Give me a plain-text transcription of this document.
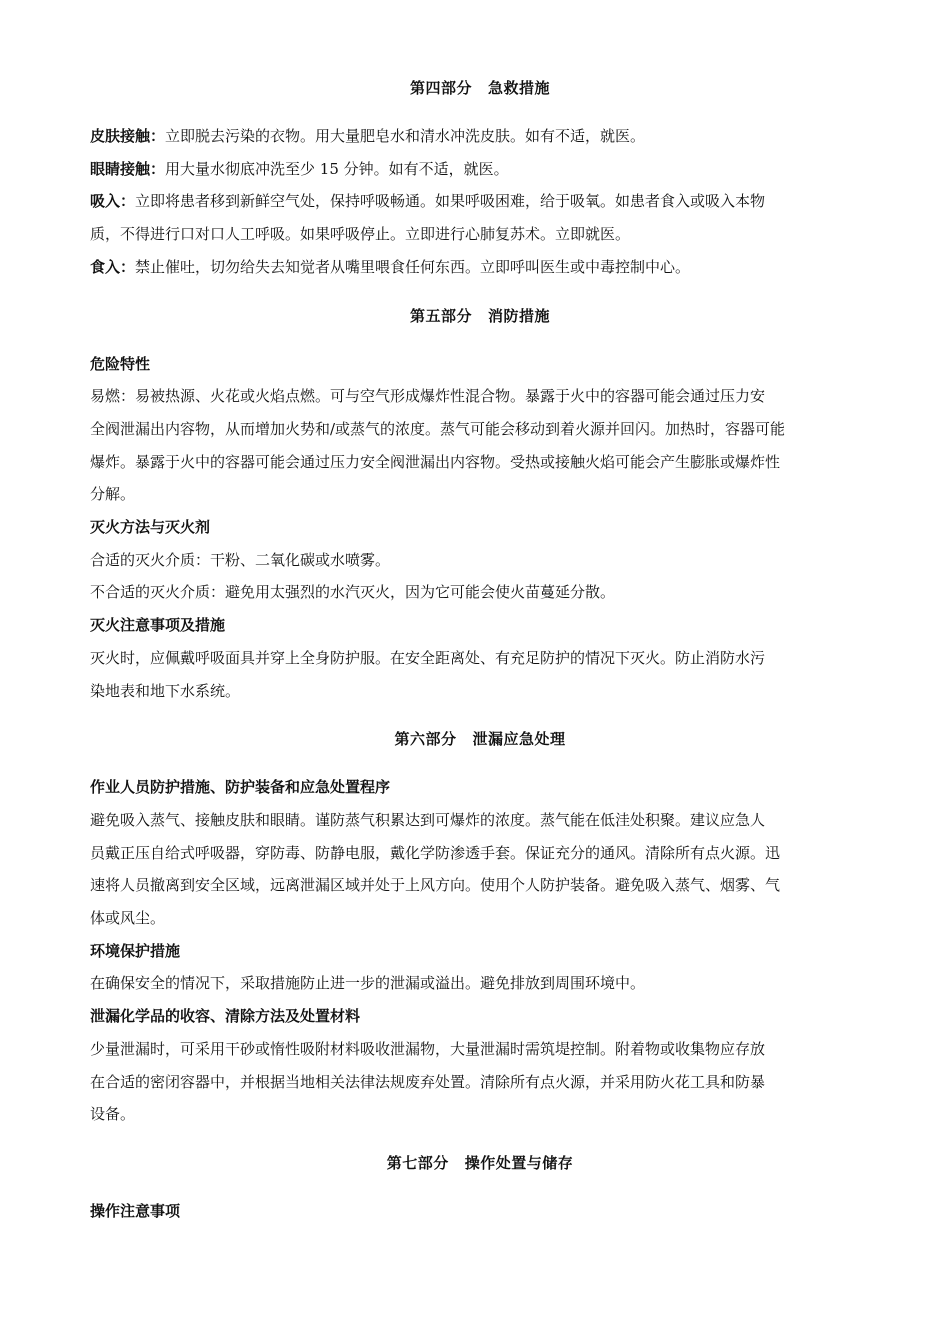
第四部分 急救措施

皮肤接触：立即脱去污染的衣物。用大量肥皂水和清水冲洗皮肤。如有不适，就医。

眼睛接触：用大量水彻底冲洗至少 15 分钟。如有不适，就医。

吸入：立即将患者移到新鲜空气处，保持呼吸畅通。如果呼吸困难，给于吸氧。如患者食入或吸入本物

质，不得进行口对口人工呼吸。如果呼吸停止。立即进行心肺复苏术。立即就医。

食入：禁止催吐，切勿给失去知觉者从嘴里喂食任何东西。立即呼叫医生或中毒控制中心。

第五部分 消防措施

危险特性

易燃：易被热源、火花或火焰点燃。可与空气形成爆炸性混合物。暴露于火中的容器可能会通过压力安

全阀泄漏出内容物，从而增加火势和/或蒸气的浓度。蒸气可能会移动到着火源并回闪。加热时，容器可能

爆炸。暴露于火中的容器可能会通过压力安全阀泄漏出内容物。受热或接触火焰可能会产生膨胀或爆炸性

分解。

灭火方法与灭火剂

合适的灭火介质：干粉、二氧化碳或水喷雾。

不合适的灭火介质：避免用太强烈的水汽灭火，因为它可能会使火苗蔓延分散。

灭火注意事项及措施

灭火时，应佩戴呼吸面具并穿上全身防护服。在安全距离处、有充足防护的情况下灭火。防止消防水污

染地表和地下水系统。

第六部分 泄漏应急处理

作业人员防护措施、防护装备和应急处置程序

避免吸入蒸气、接触皮肤和眼睛。谨防蒸气积累达到可爆炸的浓度。蒸气能在低洼处积聚。建议应急人

员戴正压自给式呼吸器，穿防毒、防静电服，戴化学防渗透手套。保证充分的通风。清除所有点火源。迅

速将人员撤离到安全区域，远离泄漏区域并处于上风方向。使用个人防护装备。避免吸入蒸气、烟雾、气

体或风尘。

环境保护措施

在确保安全的情况下，采取措施防止进一步的泄漏或溢出。避免排放到周围环境中。

泄漏化学品的收容、清除方法及处置材料

少量泄漏时，可采用干砂或惰性吸附材料吸收泄漏物，大量泄漏时需筑堤控制。附着物或收集物应存放

在合适的密闭容器中，并根据当地相关法律法规废弃处置。清除所有点火源，并采用防火花工具和防暴

设备。

第七部分 操作处置与储存

操作注意事项
